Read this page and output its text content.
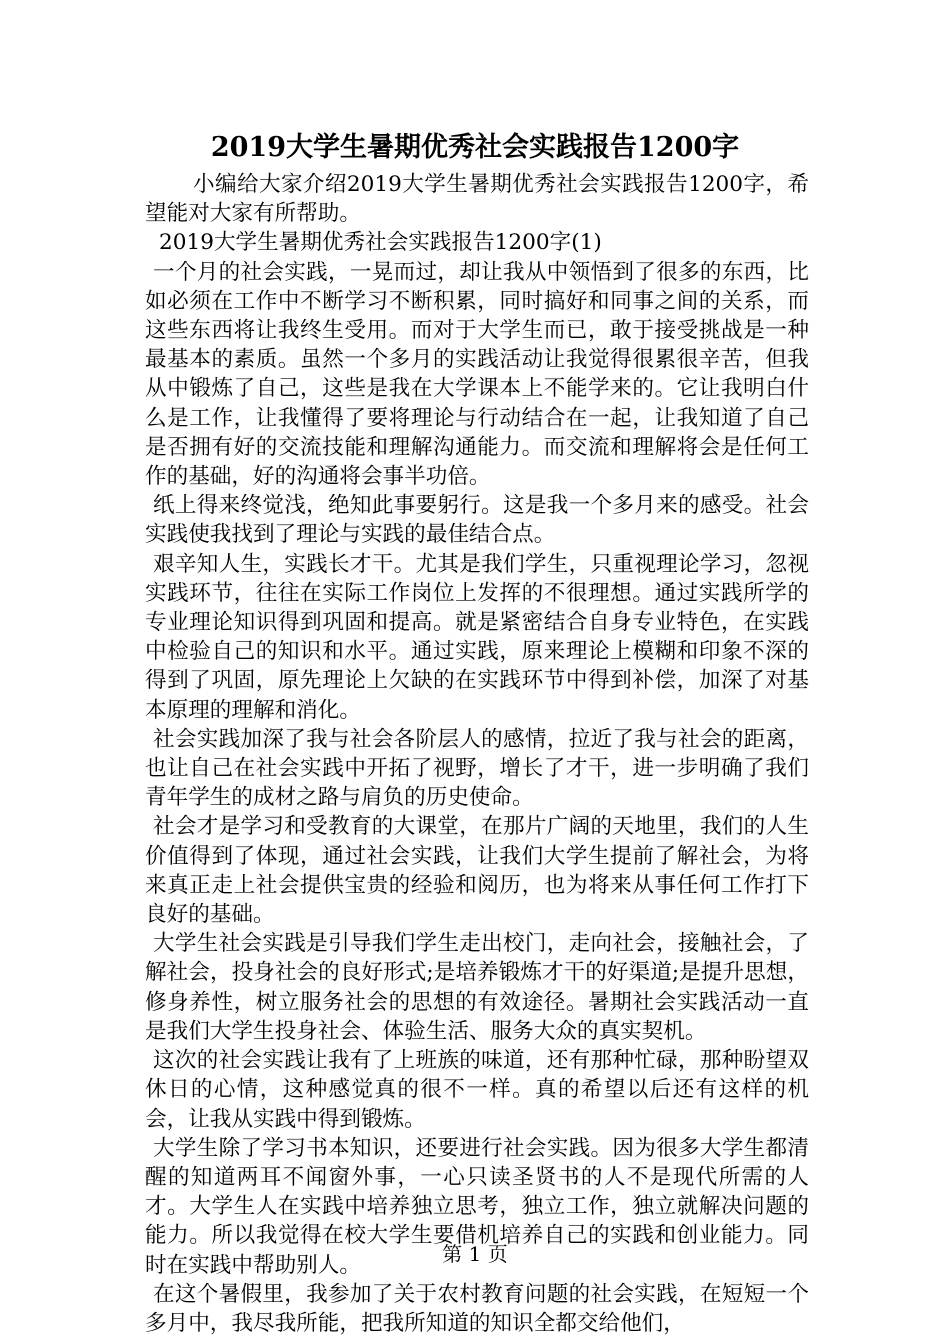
2019大学生暑期优秀社会实践报告1200字

小编给大家介绍2019大学生暑期优秀社会实践报告1200字，希望能对大家有所帮助。

2019大学生暑期优秀社会实践报告1200字(1)

一个月的社会实践，一晃而过，却让我从中领悟到了很多的东西，比如必须在工作中不断学习不断积累，同时搞好和同事之间的关系，而这些东西将让我终生受用。而对于大学生而已，敢于接受挑战是一种最基本的素质。虽然一个多月的实践活动让我觉得很累很辛苦，但我从中锻炼了自己，这些是我在大学课本上不能学来的。它让我明白什么是工作，让我懂得了要将理论与行动结合在一起，让我知道了自己是否拥有好的交流技能和理解沟通能力。而交流和理解将会是任何工作的基础，好的沟通将会事半功倍。

纸上得来终觉浅，绝知此事要躬行。这是我一个多月来的感受。社会实践使我找到了理论与实践的最佳结合点。

艰辛知人生，实践长才干。尤其是我们学生，只重视理论学习，忽视实践环节，往往在实际工作岗位上发挥的不很理想。通过实践所学的专业理论知识得到巩固和提高。就是紧密结合自身专业特色，在实践中检验自己的知识和水平。通过实践，原来理论上模糊和印象不深的得到了巩固，原先理论上欠缺的在实践环节中得到补偿，加深了对基本原理的理解和消化。

社会实践加深了我与社会各阶层人的感情，拉近了我与社会的距离，也让自己在社会实践中开拓了视野，增长了才干，进一步明确了我们青年学生的成材之路与肩负的历史使命。

社会才是学习和受教育的大课堂，在那片广阔的天地里，我们的人生价值得到了体现，通过社会实践，让我们大学生提前了解社会，为将来真正走上社会提供宝贵的经验和阅历，也为将来从事任何工作打下良好的基础。

大学生社会实践是引导我们学生走出校门，走向社会，接触社会，了解社会，投身社会的良好形式;是培养锻炼才干的好渠道;是提升思想，修身养性，树立服务社会的思想的有效途径。暑期社会实践活动一直是我们大学生投身社会、体验生活、服务大众的真实契机。

这次的社会实践让我有了上班族的味道，还有那种忙碌，那种盼望双休日的心情，这种感觉真的很不一样。真的希望以后还有这样的机会，让我从实践中得到锻炼。

大学生除了学习书本知识，还要进行社会实践。因为很多大学生都清醒的知道两耳不闻窗外事，一心只读圣贤书的人不是现代所需的人才。大学生人在实践中培养独立思考，独立工作，独立就解决问题的能力。所以我觉得在校大学生要借机培养自己的实践和创业能力。同时在实践中帮助别人。

在这个暑假里，我参加了关于农村教育问题的社会实践，在短短一个多月中，我尽我所能，把我所知道的知识全都交给他们，

第 1 页
